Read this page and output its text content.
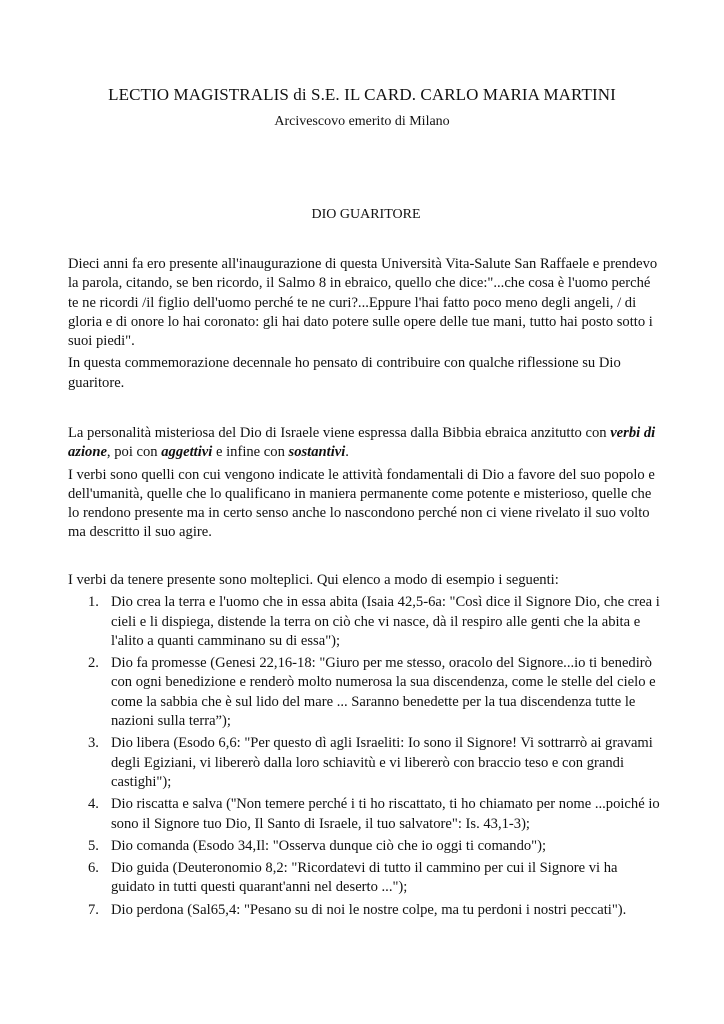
LECTIO MAGISTRALIS di S.E. IL CARD. CARLO MARIA MARTINI
Arcivescovo emerito di Milano
DIO GUARITORE

Dieci anni fa ero presente all'inaugurazione di questa Università Vita-Salute San Raffaele e prendevo la parola, citando, se ben ricordo, il Salmo 8 in ebraico, quello che dice:"...che cosa è l'uomo perché te ne ricordi /il figlio dell'uomo perché te ne curi?...Eppure l'hai fatto poco meno degli angeli, / di gloria e di onore lo hai coronato: gli hai dato potere sulle opere delle tue mani, tutto hai posto sotto i suoi piedi".

In questa commemorazione decennale ho pensato di contribuire con qualche riflessione su Dio guaritore.

La personalità misteriosa del Dio di Israele viene espressa dalla Bibbia ebraica anzitutto con verbi di azione, poi con aggettivi e infine con sostantivi.

I verbi sono quelli con cui vengono indicate le attività fondamentali di Dio a favore del suo popolo e dell'umanità, quelle che lo qualificano in maniera permanente come potente e misterioso, quelle che lo rendono presente ma in certo senso anche lo nascondono perché non ci viene rivelato il suo volto ma descritto il suo agire.

I verbi da tenere presente sono molteplici. Qui elenco a modo di esempio i seguenti:

1. Dio crea la terra e l'uomo che in essa abita (Isaia 42,5-6a: "Così dice il Signore Dio, che crea i cieli e li dispiega, distende la terra on ciò che vi nasce, dà il respiro alle genti che la abita e l'alito a quanti camminano su di essa");
2. Dio fa promesse (Genesi 22,16-18: "Giuro per me stesso, oracolo del Signore...io ti benedirò con ogni benedizione e renderò molto numerosa la sua discendenza, come le stelle del cielo e come la sabbia che è sul lido del mare ... Saranno benedette per la tua discendenza tutte le nazioni sulla terra”);
3. Dio libera (Esodo 6,6: "Per questo dì agli Israeliti: Io sono il Signore! Vi sottrarrò ai gravami degli Egiziani, vi libererò dalla loro schiavitù e vi libererò con braccio teso e con grandi castighi");
4. Dio riscatta e salva (''Non temere perché i ti ho riscattato, ti ho chiamato per nome ...poiché io sono il Signore tuo Dio, Il Santo di Israele, il tuo salvatore": Is. 43,1-3);
5. Dio comanda (Esodo 34,Il: "Osserva dunque ciò che io oggi ti comando");
6. Dio guida (Deuteronomio 8,2: "Ricordatevi di tutto il cammino per cui il Signore vi ha guidato in tutti questi quarant'anni nel deserto ...");
7. Dio perdona (Sal65,4: "Pesano su di noi le nostre colpe, ma tu perdoni i nostri peccati").
